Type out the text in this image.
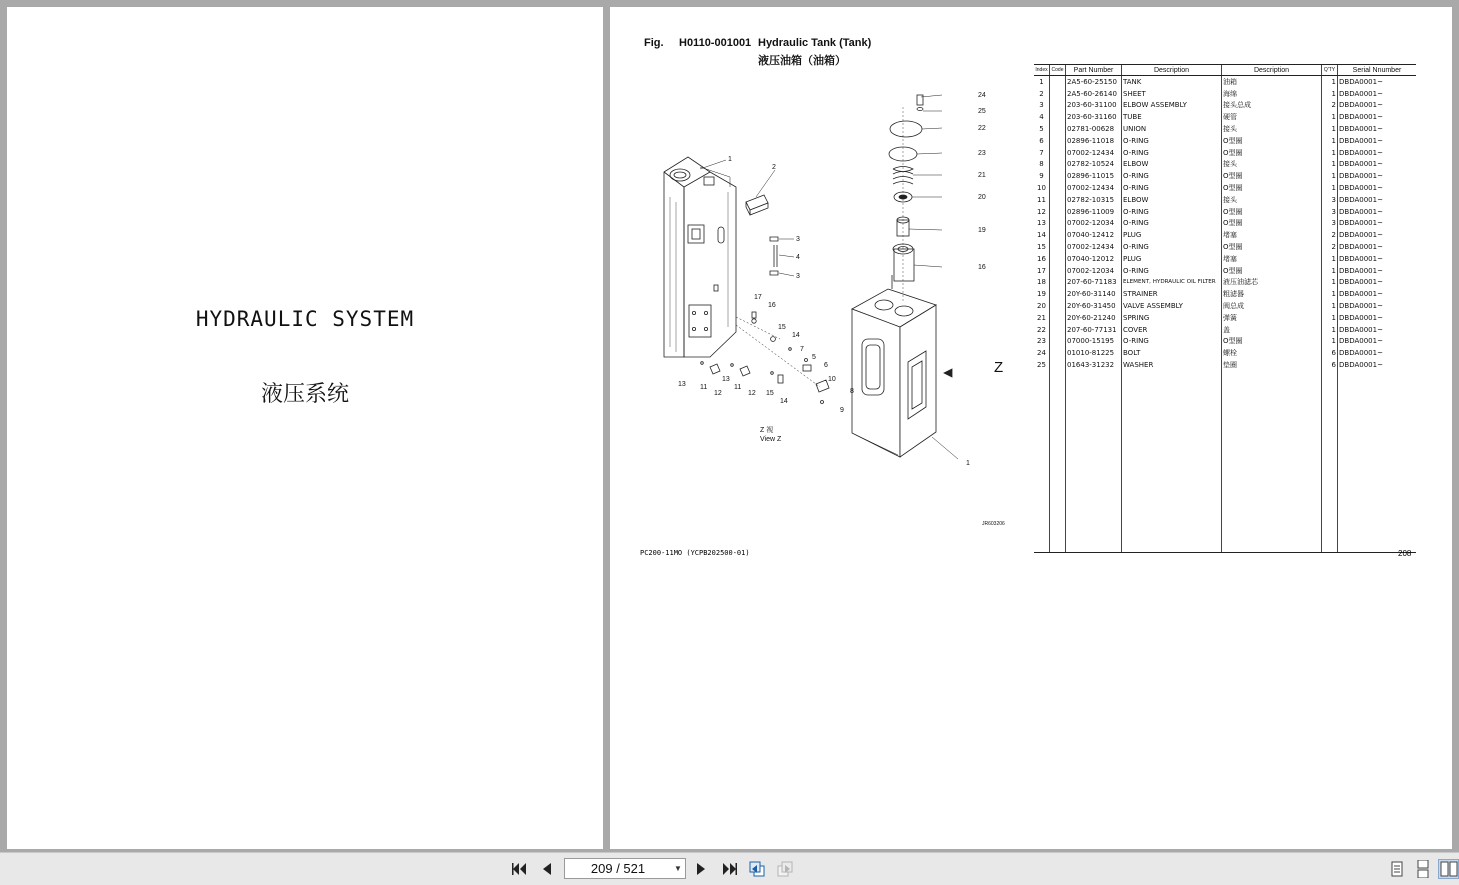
HYDRAULIC SYSTEM
液压系统
Fig. H0110-001001 Hydraulic Tank (Tank)
液压油箱（油箱）
1
2
3
4
3
17
16
15
14
7
5
6
10
8
9
13 11
12
13
11
12 15
14
24
25
22
23
21
20
19
16
1
Z
Z 视
View Z
JR603206
Index	Code	Part Number	Description	Description	Q'TY	Serial Nnumber
1		2A5-60-25150	TANK	油箱	1	DBDA0001~
2		2A5-60-26140	SHEET	海绵	1	DBDA0001~
3		203-60-31100	ELBOW ASSEMBLY	接头总成	2	DBDA0001~
4		203-60-31160	TUBE	硬管	1	DBDA0001~
5		02781-00628	UNION	接头	1	DBDA0001~
6		02896-11018	O-RING	O型圈	1	DBDA0001~
7		07002-12434	O-RING	O型圈	1	DBDA0001~
8		02782-10524	ELBOW	接头	1	DBDA0001~
9		02896-11015	O-RING	O型圈	1	DBDA0001~
10		07002-12434	O-RING	O型圈	1	DBDA0001~
11		02782-10315	ELBOW	接头	3	DBDA0001~
12		02896-11009	O-RING	O型圈	3	DBDA0001~
13		07002-12034	O-RING	O型圈	3	DBDA0001~
14		07040-12412	PLUG	堵塞	2	DBDA0001~
15		07002-12434	O-RING	O型圈	2	DBDA0001~
16		07040-12012	PLUG	堵塞	1	DBDA0001~
17		07002-12034	O-RING	O型圈	1	DBDA0001~
18		207-60-71183	ELEMENT, HYDRAULIC OIL FILTER	液压油滤芯	1	DBDA0001~
19		20Y-60-31140	STRAINER	粗滤器	1	DBDA0001~
20		20Y-60-31450	VALVE ASSEMBLY	阀总成	1	DBDA0001~
21		20Y-60-21240	SPRING	弹簧	1	DBDA0001~
22		207-60-77131	COVER	盖	1	DBDA0001~
23		07000-15195	O-RING	O型圈	1	DBDA0001~
24		01010-81225	BOLT	螺栓	6	DBDA0001~
25		01643-31232	WASHER	垫圈	6	DBDA0001~

PC200-11MO (YCPB202500-01)	208
209 / 521	▼
